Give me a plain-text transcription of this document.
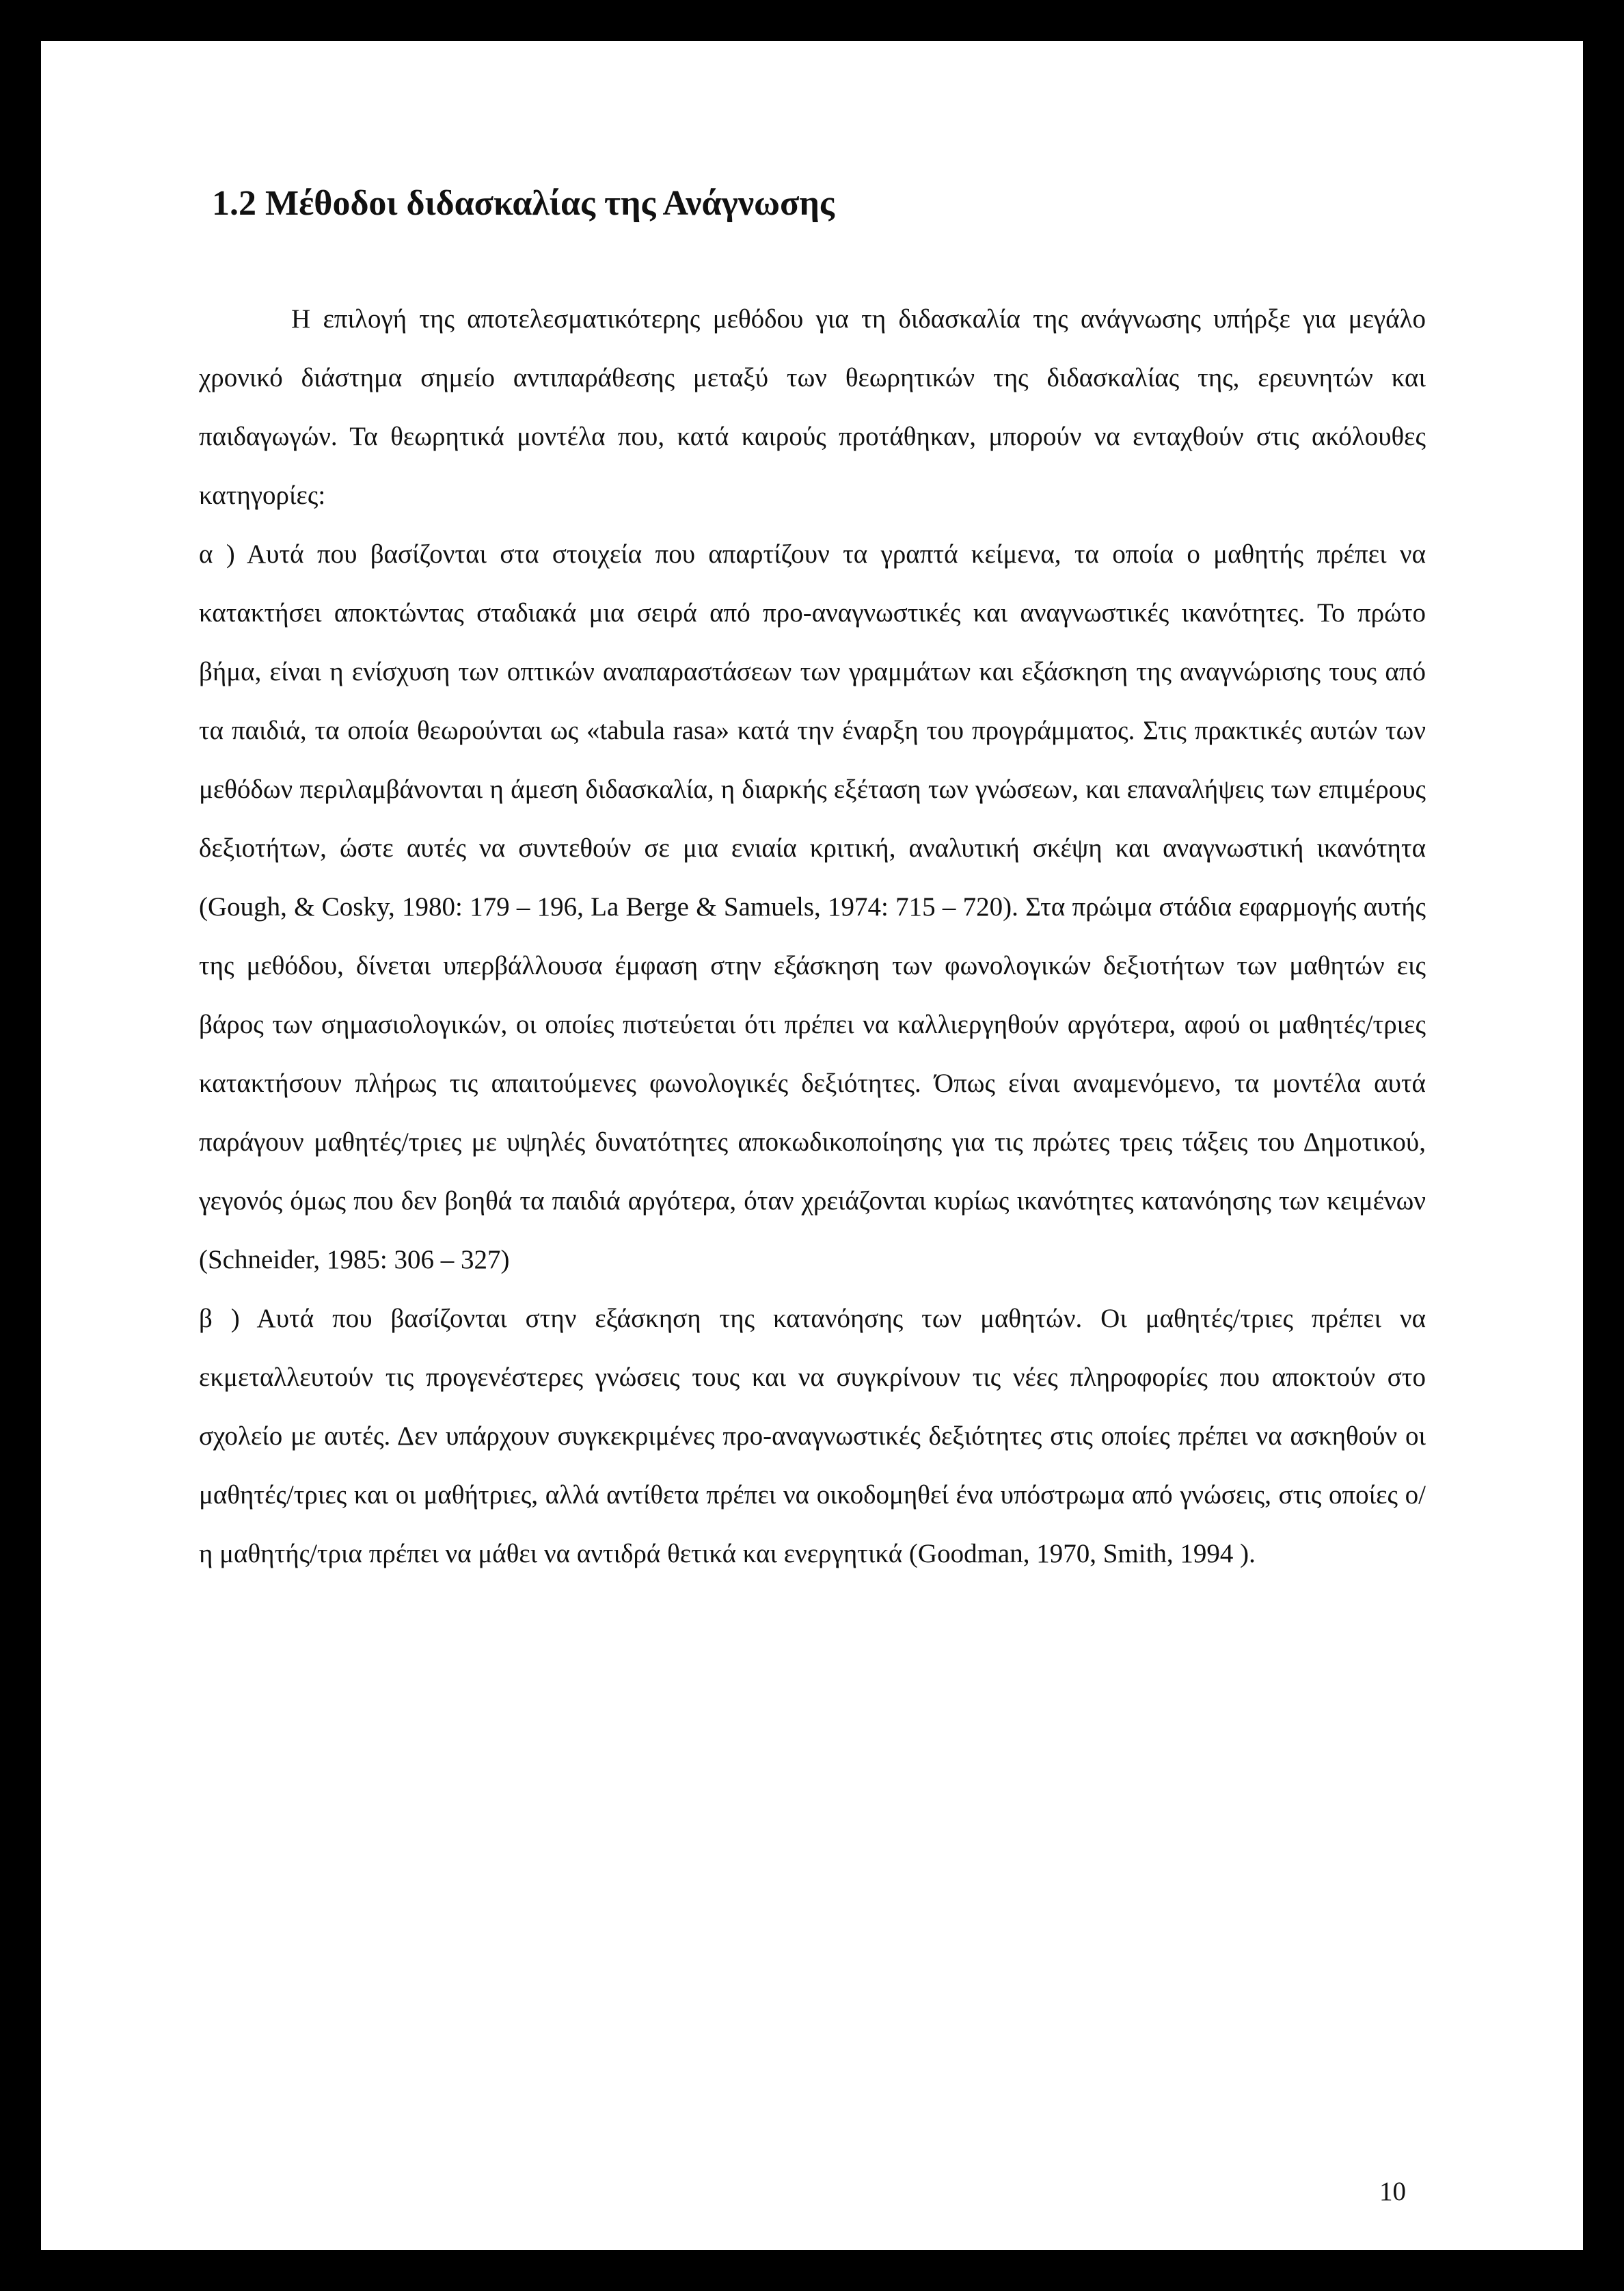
1.2 Μέθοδοι διδασκαλίας της Ανάγνωσης

Η επιλογή της αποτελεσματικότερης μεθόδου για τη διδασκαλία της ανάγνωσης υπήρξε για μεγάλο χρονικό διάστημα σημείο αντιπαράθεσης μεταξύ των θεωρητικών της διδασκαλίας της, ερευνητών και παιδαγωγών. Τα θεωρητικά μοντέλα που, κατά καιρούς προτάθηκαν, μπορούν να ενταχθούν στις ακόλουθες κατηγορίες:

α ) Αυτά που βασίζονται στα στοιχεία που απαρτίζουν τα γραπτά κείμενα, τα οποία ο μαθητής πρέπει να κατακτήσει αποκτώντας σταδιακά μια σειρά από προ-αναγνωστικές και αναγνωστικές ικανότητες. Το πρώτο βήμα, είναι η ενίσχυση των οπτικών αναπαραστάσεων των γραμμάτων και εξάσκηση της αναγνώρισης τους από τα παιδιά, τα οποία θεωρούνται ως «tabula rasa» κατά την έναρξη του προγράμματος. Στις πρακτικές αυτών των μεθόδων περιλαμβάνονται η άμεση διδασκαλία, η διαρκής εξέταση των γνώσεων, και επαναλήψεις των επιμέρους δεξιοτήτων, ώστε αυτές να συντεθούν σε μια ενιαία κριτική, αναλυτική σκέψη και αναγνωστική ικανότητα (Gough, & Cosky, 1980: 179 – 196, La Berge & Samuels, 1974: 715 – 720). Στα πρώιμα στάδια εφαρμογής αυτής της μεθόδου, δίνεται υπερβάλλουσα έμφαση στην εξάσκηση των φωνολογικών δεξιοτήτων των μαθητών εις βάρος των σημασιολογικών, οι οποίες πιστεύεται ότι πρέπει να καλλιεργηθούν αργότερα, αφού οι μαθητές/τριες κατακτήσουν πλήρως τις απαιτούμενες φωνολογικές δεξιότητες. Όπως είναι αναμενόμενο, τα μοντέλα αυτά παράγουν μαθητές/τριες με υψηλές δυνατότητες αποκωδικοποίησης για τις πρώτες τρεις τάξεις του Δημοτικού, γεγονός όμως που δεν βοηθά τα παιδιά αργότερα, όταν χρειάζονται κυρίως ικανότητες κατανόησης των κειμένων (Schneider, 1985: 306 – 327)

β ) Αυτά που βασίζονται στην εξάσκηση της κατανόησης των μαθητών. Οι μαθητές/τριες πρέπει να εκμεταλλευτούν τις προγενέστερες γνώσεις τους και να συγκρίνουν τις νέες πληροφορίες που αποκτούν στο σχολείο με αυτές. Δεν υπάρχουν συγκεκριμένες προ-αναγνωστικές δεξιότητες στις οποίες πρέπει να ασκηθούν οι μαθητές/τριες και οι μαθήτριες, αλλά αντίθετα πρέπει να οικοδομηθεί ένα υπόστρωμα από γνώσεις, στις οποίες ο/η μαθητής/τρια πρέπει να μάθει να αντιδρά θετικά και ενεργητικά (Goodman, 1970, Smith, 1994 ).

10
